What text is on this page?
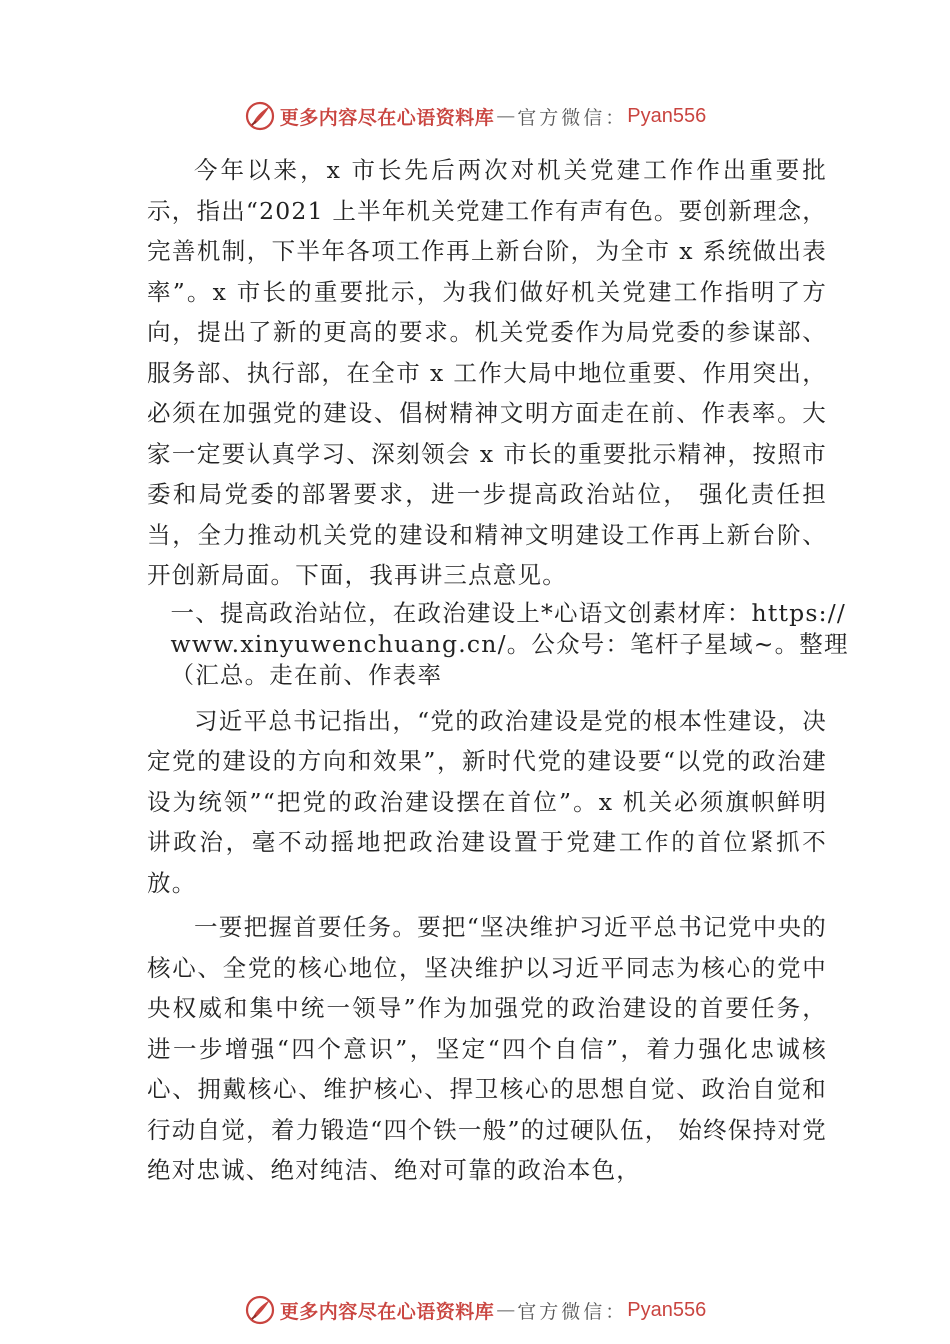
更多内容尽在心语资料库 — 官方微信： Pyan556

今年以来，x 市长先后两次对机关党建工作作出重要批示，指出“2021 上半年机关党建工作有声有色。要创新理念，完善机制，下半年各项工作再上新台阶，为全市 x 系统做出表率”。x 市长的重要批示，为我们做好机关党建工作指明了方向，提出了新的更高的要求。机关党委作为局党委的参谋部、服务部、执行部，在全市 x 工作大局中地位重要、作用突出，必须在加强党的建设、倡树精神文明方面走在前、作表率。大家一定要认真学习、深刻领会 x 市长的重要批示精神，按照市委和局党委的部署要求，进一步提高政治站位， 强化责任担当，全力推动机关党的建设和精神文明建设工作再上新台阶、开创新局面。下面，我再讲三点意见。

一、提高政治站位，在政治建设上*心语文创素材库：https://www.xinyuwenchuang.cn/。公众号：笔杆子星域~。整理（汇总。走在前、作表率

习近平总书记指出，“党的政治建设是党的根本性建设，决定党的建设的方向和效果”，新时代党的建设要“以党的政治建设为统领”“把党的政治建设摆在首位”。x 机关必须旗帜鲜明讲政治，毫不动摇地把政治建设置于党建工作的首位紧抓不放。

一要把握首要任务。要把“坚决维护习近平总书记党中央的核心、全党的核心地位，坚决维护以习近平同志为核心的党中央权威和集中统一领导”作为加强党的政治建设的首要任务，进一步增强“四个意识”，坚定“四个自信”，着力强化忠诚核心、拥戴核心、维护核心、捍卫核心的思想自觉、政治自觉和行动自觉，着力锻造“四个铁一般”的过硬队伍， 始终保持对党绝对忠诚、绝对纯洁、绝对可靠的政治本色，

更多内容尽在心语资料库 — 官方微信： Pyan556
